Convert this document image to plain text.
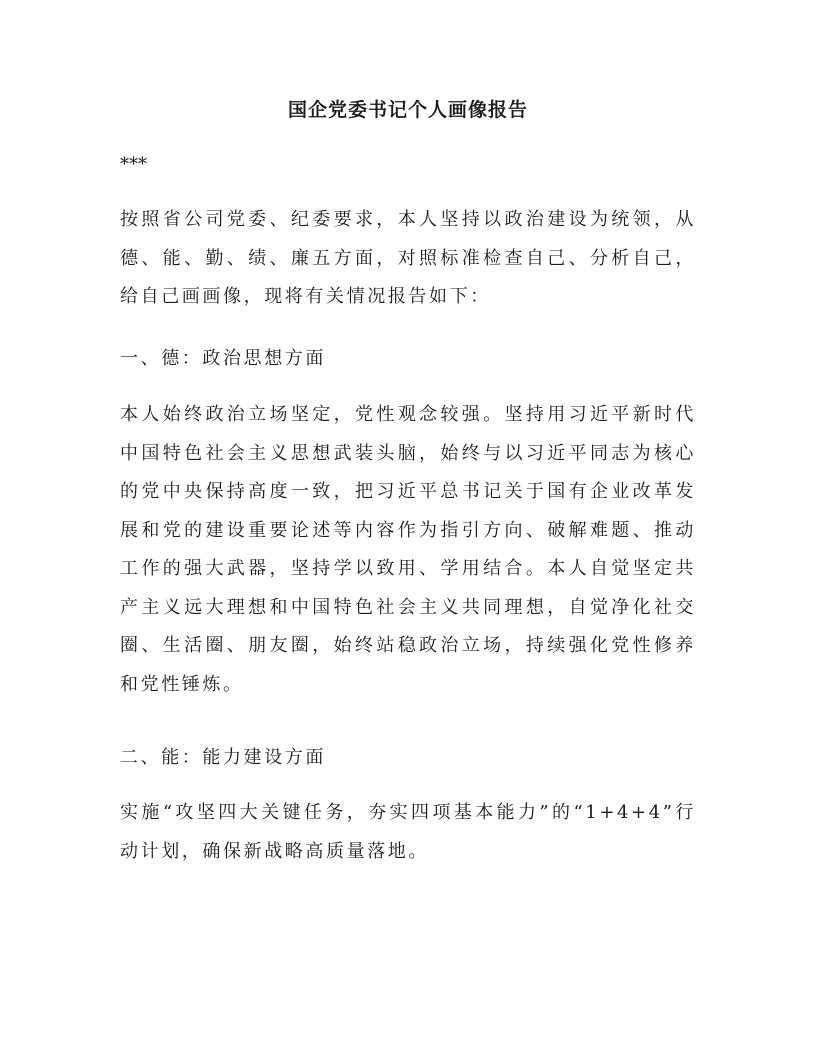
国企党委书记个人画像报告

***

按照省公司党委、纪委要求，本人坚持以政治建设为统领，从德、能、勤、绩、廉五方面，对照标准检查自己、分析自己，给自己画画像，现将有关情况报告如下：

一、德：政治思想方面

本人始终政治立场坚定，党性观念较强。坚持用习近平新时代中国特色社会主义思想武装头脑，始终与以习近平同志为核心的党中央保持高度一致，把习近平总书记关于国有企业改革发展和党的建设重要论述等内容作为指引方向、破解难题、推动工作的强大武器，坚持学以致用、学用结合。本人自觉坚定共产主义远大理想和中国特色社会主义共同理想，自觉净化社交圈、生活圈、朋友圈，始终站稳政治立场，持续强化党性修养和党性锤炼。

二、能：能力建设方面

实施“攻坚四大关键任务，夯实四项基本能力”的“1+4+4”行动计划，确保新战略高质量落地。
